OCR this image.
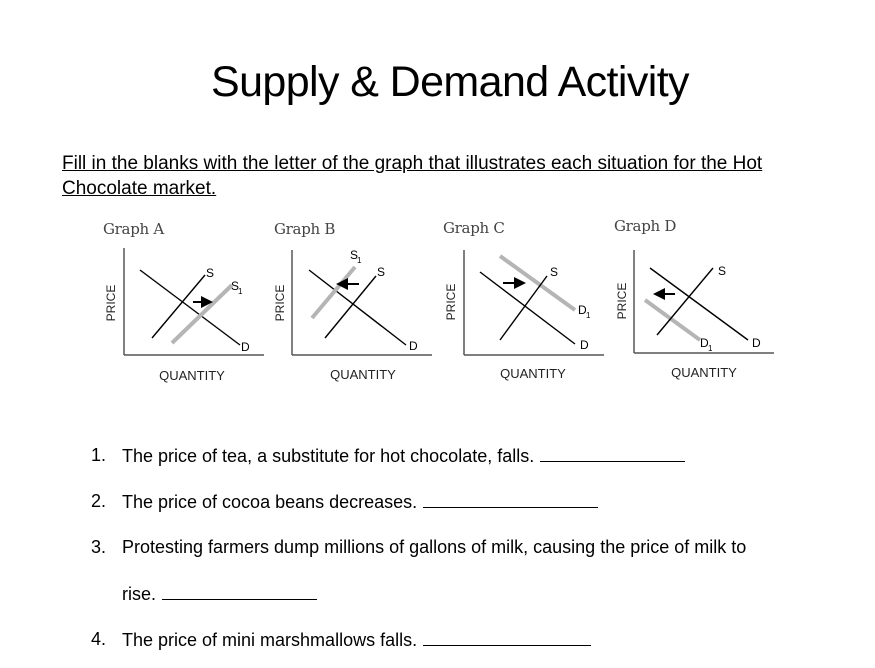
Supply & Demand Activity
Fill in the blanks with the letter of the graph that illustrates each situation for the Hot Chocolate market.
Graph A	Graph B	Graph C	Graph D
PRICE
QUANTITY
D
S
S
1	PRICE
QUANTITY
D
S
1
S
PRICE
QUANTITY
D
D 1
S
PRICE
QUANTITY
D
D 1
S
1. The price of tea, a substitute for hot chocolate, falls.
2. The price of cocoa beans decreases.
3. Protesting farmers dump millions of gallons of milk, causing the price of milk to
rise.
4. The price of mini marshmallows falls.
